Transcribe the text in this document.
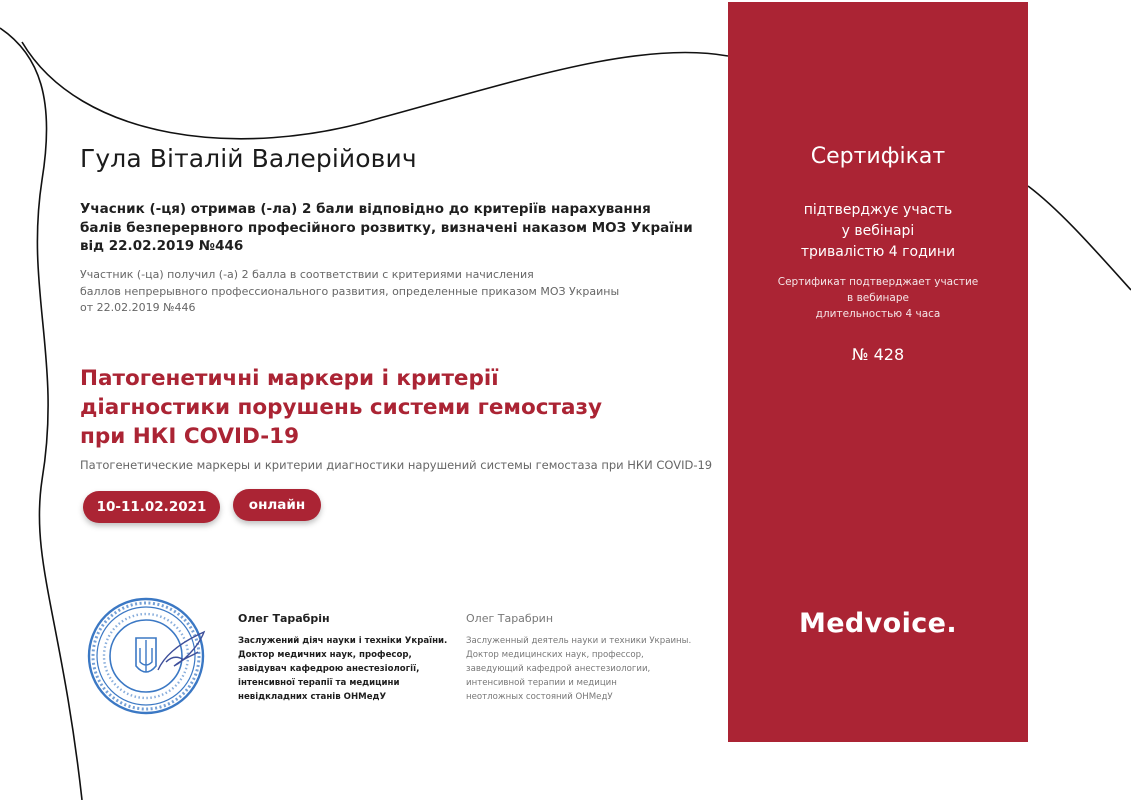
Гула Віталій Валерійович
Учасник (-ця) отримав (-ла) 2 бали відповідно до критеріїв нарахування
балів безперервного професійного розвитку, визначені наказом МОЗ України
від 22.02.2019 №446
Участник (-ца) получил (-а) 2 балла в соответствии с критериями начисления
баллов непрерывного профессионального развития, определенные приказом МОЗ Украины
от 22.02.2019 №446
Патогенетичні маркери і критерії
діагностики порушень системи гемостазу
при НКІ COVID-19
Патогенетические маркеры и критерии диагностики нарушений системы гемостаза при НКИ COVID-19
10-11.02.2021	онлайн
Олег Тарабрін
Заслужений діяч науки і техніки України.
Доктор медичних наук, професор,
завідувач кафедрою анестезіології,
інтенсивної терапії та медицини
невідкладних станів ОНМедУ
Олег Тарабрин
Заслуженный деятель науки и техники Украины.
Доктор медицинских наук, профессор,
заведующий кафедрой анестезиологии,
интенсивной терапии и медицин
неотложных состояний ОНМедУ
Сертифікат
підтверджує участь
у вебінарі
тривалістю 4 години
Сертификат подтверджает участие
в вебинаре
длительностью 4 часа
№ 428
Medvoice.
